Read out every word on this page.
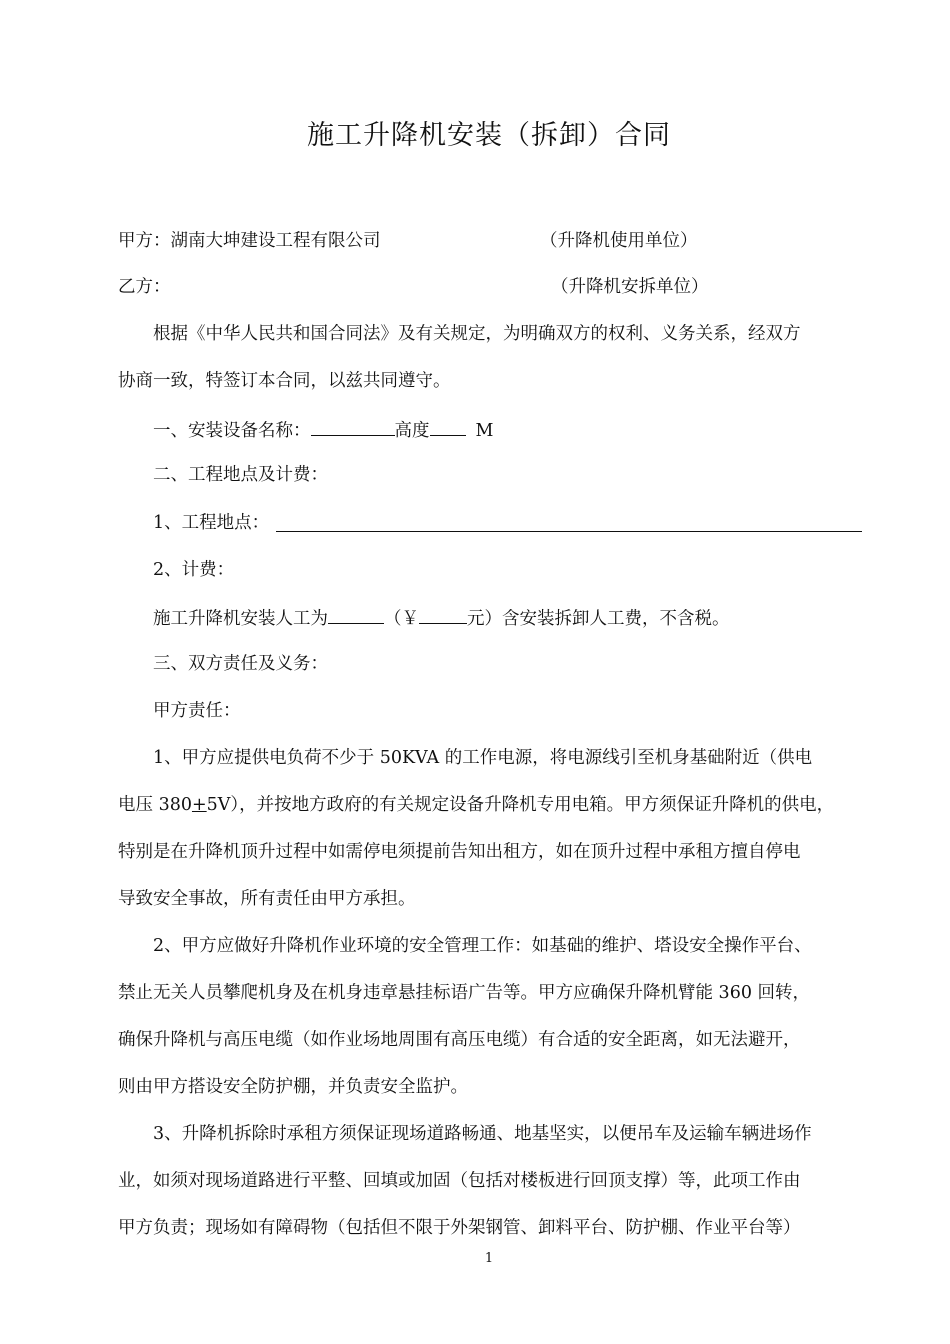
施工升降机安装（拆卸）合同
甲方：湖南大坤建设工程有限公司	（升降机使用单位）
乙方：	（升降机安拆单位）
根据《中华人民共和国合同法》及有关规定，为明确双方的权利、义务关系，经双方
协商一致，特签订本合同，以兹共同遵守。
一、安装设备名称：	高度	M
二、工程地点及计费：
1、工程地点：
2、计费：
施工升降机安装人工为	（￥	元）含安装拆卸人工费，不含税。
三、双方责任及义务：
甲方责任：
1、甲方应提供电负荷不少于 50KVA 的工作电源，将电源线引至机身基础附近（供电
电压 380+5V），并按地方政府的有关规定设备升降机专用电箱。甲方须保证升降机的供电，
特别是在升降机顶升过程中如需停电须提前告知出租方，如在顶升过程中承租方擅自停电
导致安全事故，所有责任由甲方承担。
2、甲方应做好升降机作业环境的安全管理工作：如基础的维护、塔设安全操作平台、
禁止无关人员攀爬机身及在机身违章悬挂标语广告等。甲方应确保升降机臂能 360 回转，
确保升降机与高压电缆（如作业场地周围有高压电缆）有合适的安全距离，如无法避开，
则由甲方搭设安全防护棚，并负责安全监护。
3、升降机拆除时承租方须保证现场道路畅通、地基坚实，以便吊车及运输车辆进场作
业，如须对现场道路进行平整、回填或加固（包括对楼板进行回顶支撑）等，此项工作由
甲方负责；现场如有障碍物（包括但不限于外架钢管、卸料平台、防护棚、作业平台等）
1
